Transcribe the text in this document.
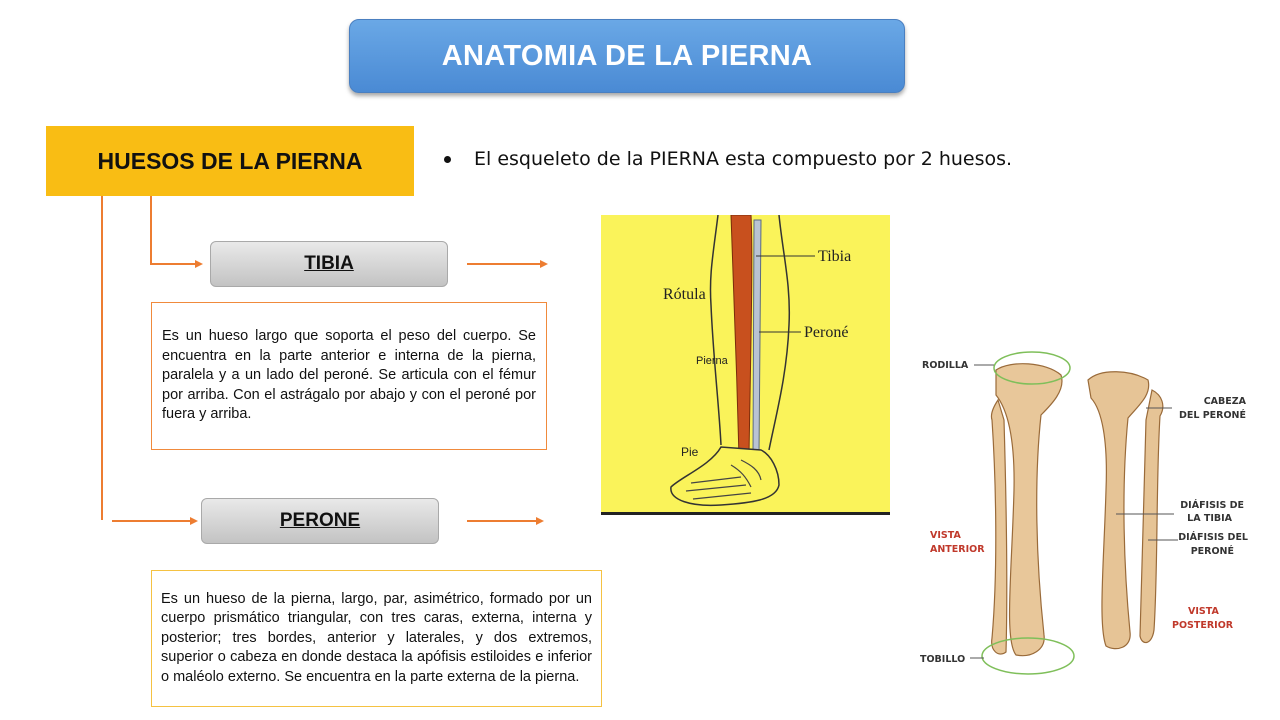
ANATOMIA DE LA PIERNA
HUESOS DE LA PIERNA	El esqueleto de la PIERNA esta compuesto por 2 huesos.
TIBIA

Es un hueso largo que soporta el peso del cuerpo. Se encuentra en la parte anterior e interna de la pierna, paralela y a un lado del peroné. Se articula con el fémur por arriba. Con el astrágalo por abajo y con el peroné por fuera y arriba.

PERONE

Es un hueso de la pierna, largo, par, asimétrico, formado por un cuerpo prismático triangular, con tres caras, externa, interna y posterior; tres bordes, anterior y laterales, y dos extremos, superior o cabeza en donde destaca la apófisis estiloides e inferior o maléolo externo. Se encuentra en la parte externa de la pierna.

Tibia
Rótula
Peroné
Pierna
Pie
RODILLA
TOBILLO
CABEZA
DEL PERONÉ
DIÁFISIS DE
LA TIBIA
DIÁFISIS DEL
PERONÉ
VISTA
ANTERIOR
VISTA
POSTERIOR
